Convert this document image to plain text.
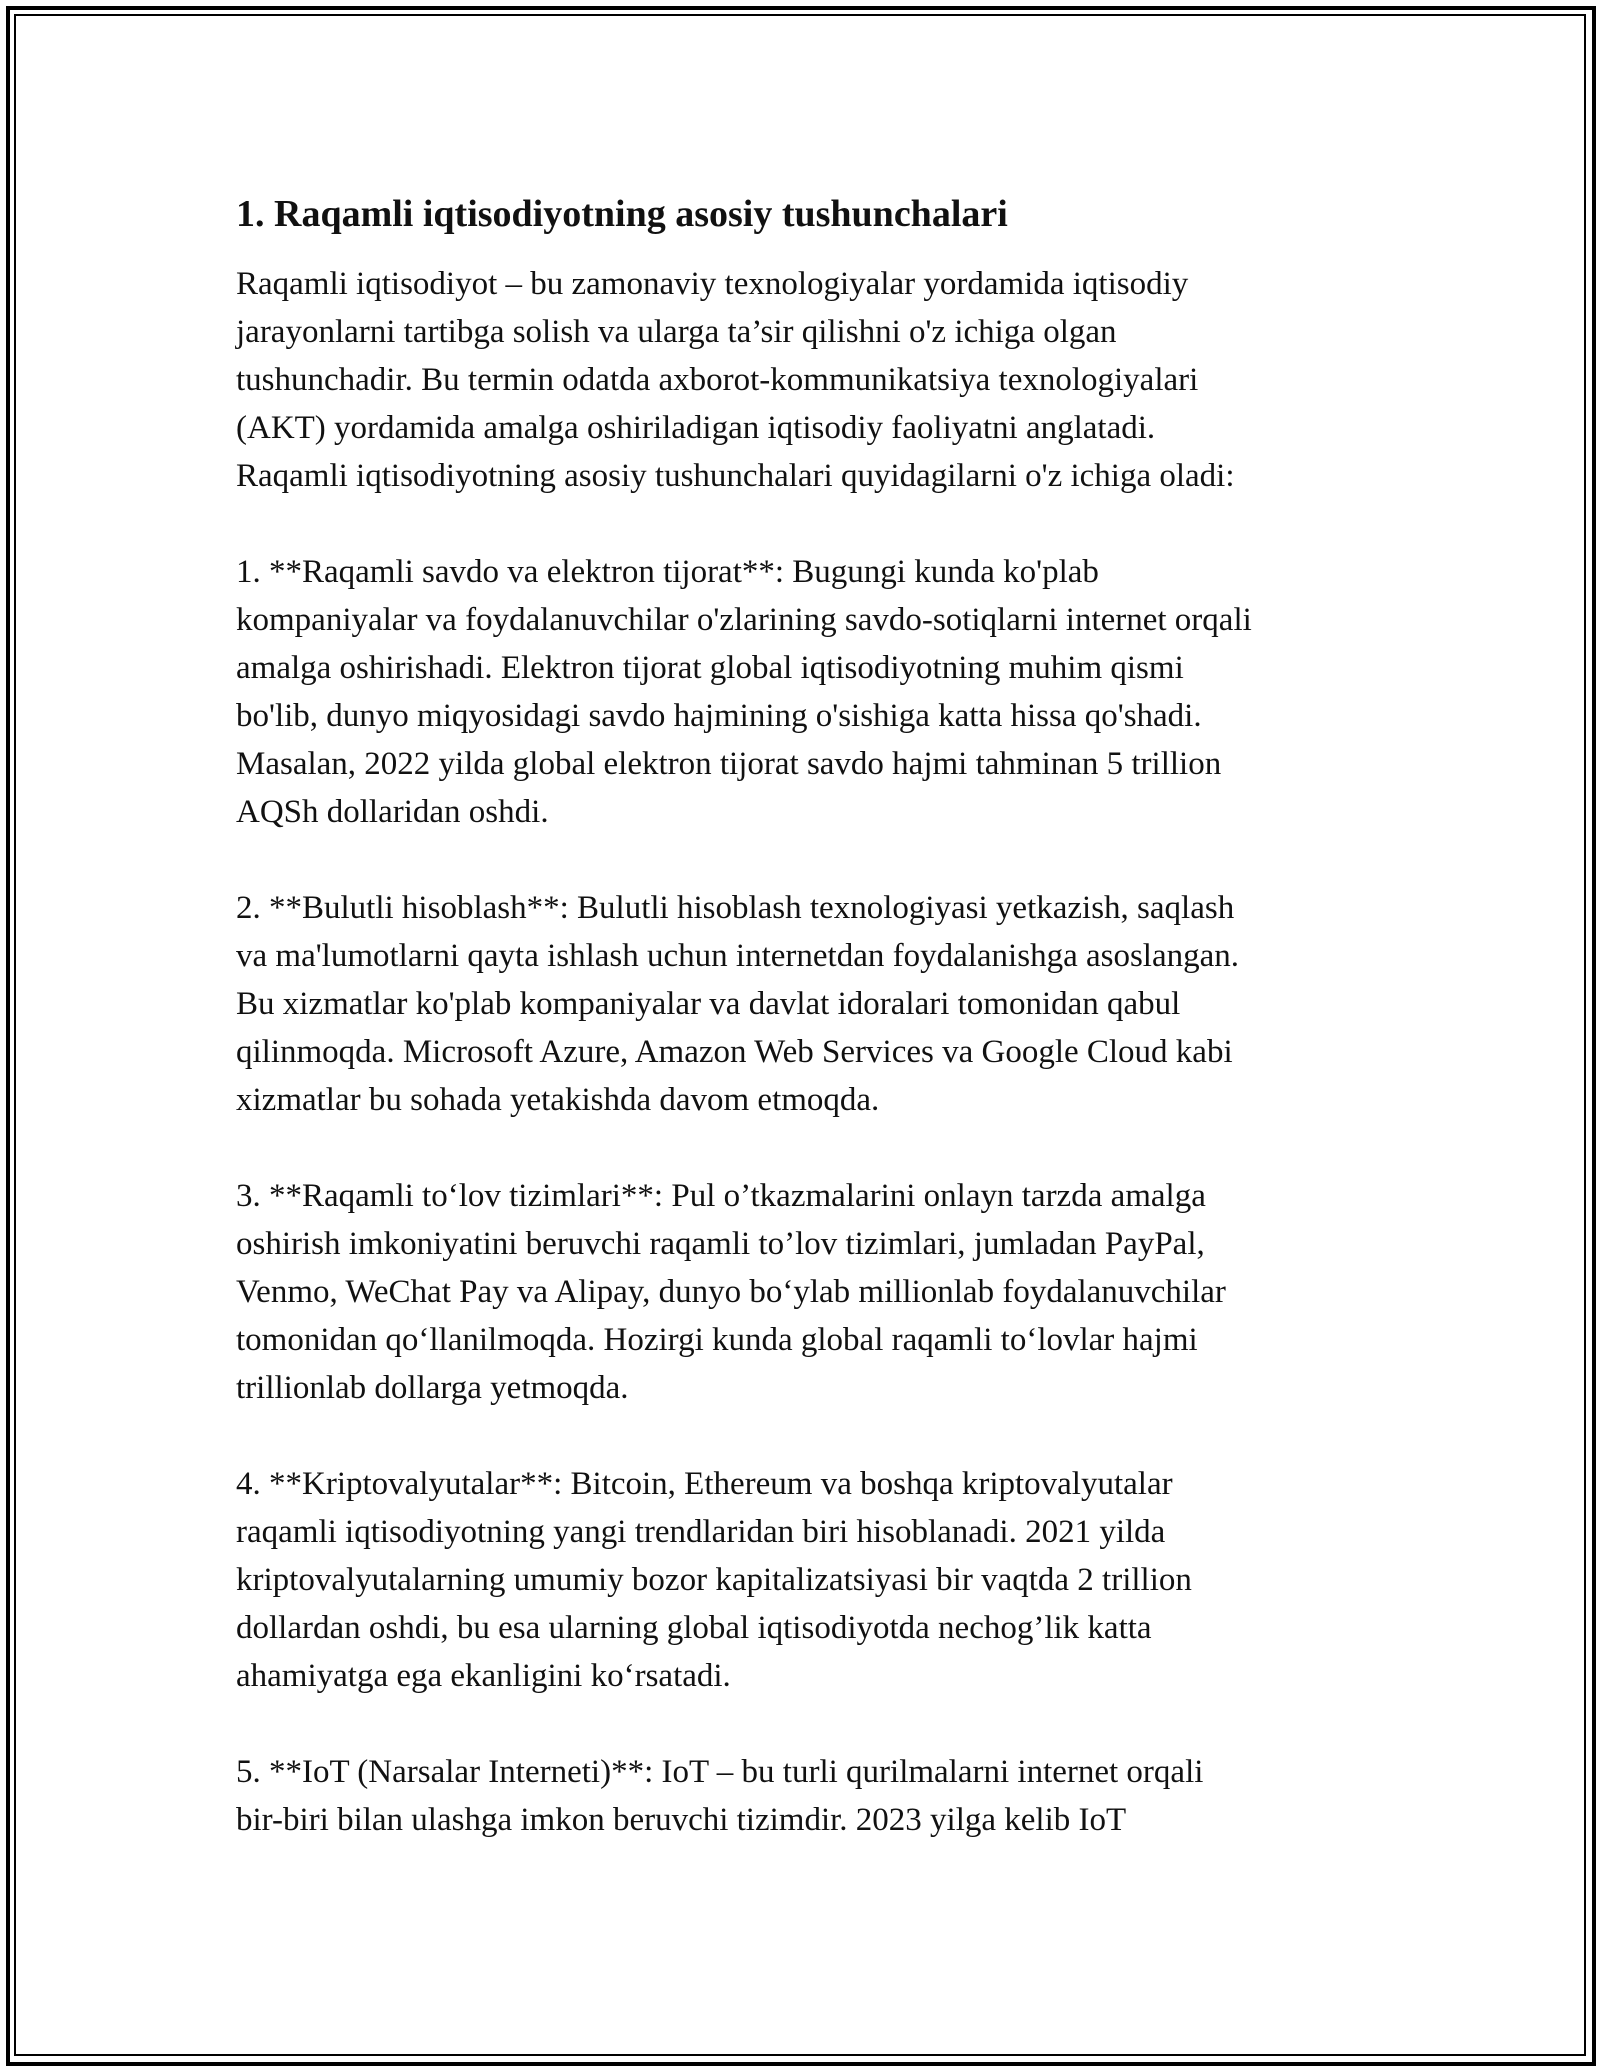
1. Raqamli iqtisodiyotning asosiy tushunchalari

Raqamli iqtisodiyot – bu zamonaviy texnologiyalar yordamida iqtisodiy
jarayonlarni tartibga solish va ularga ta’sir qilishni o'z ichiga olgan
tushunchadir. Bu termin odatda axborot-kommunikatsiya texnologiyalari
(AKT) yordamida amalga oshiriladigan iqtisodiy faoliyatni anglatadi.
Raqamli iqtisodiyotning asosiy tushunchalari quyidagilarni o'z ichiga oladi:

1. **Raqamli savdo va elektron tijorat**: Bugungi kunda ko'plab
kompaniyalar va foydalanuvchilar o'zlarining savdo-sotiqlarni internet orqali
amalga oshirishadi. Elektron tijorat global iqtisodiyotning muhim qismi
bo'lib, dunyo miqyosidagi savdo hajmining o'sishiga katta hissa qo'shadi.
Masalan, 2022 yilda global elektron tijorat savdo hajmi tahminan 5 trillion
AQSh dollaridan oshdi.

2. **Bulutli hisoblash**: Bulutli hisoblash texnologiyasi yetkazish, saqlash
va ma'lumotlarni qayta ishlash uchun internetdan foydalanishga asoslangan.
Bu xizmatlar ko'plab kompaniyalar va davlat idoralari tomonidan qabul
qilinmoqda. Microsoft Azure, Amazon Web Services va Google Cloud kabi
xizmatlar bu sohada yetakishda davom etmoqda.

3. **Raqamli to‘lov tizimlari**: Pul o’tkazmalarini onlayn tarzda amalga
oshirish imkoniyatini beruvchi raqamli to’lov tizimlari, jumladan PayPal,
Venmo, WeChat Pay va Alipay, dunyo bo‘ylab millionlab foydalanuvchilar
tomonidan qo‘llanilmoqda. Hozirgi kunda global raqamli to‘lovlar hajmi
trillionlab dollarga yetmoqda.

4. **Kriptovalyutalar**: Bitcoin, Ethereum va boshqa kriptovalyutalar
raqamli iqtisodiyotning yangi trendlaridan biri hisoblanadi. 2021 yilda
kriptovalyutalarning umumiy bozor kapitalizatsiyasi bir vaqtda 2 trillion
dollardan oshdi, bu esa ularning global iqtisodiyotda nechog’lik katta
ahamiyatga ega ekanligini ko‘rsatadi.

5. **IoT (Narsalar Interneti)**: IoT – bu turli qurilmalarni internet orqali
bir-biri bilan ulashga imkon beruvchi tizimdir. 2023 yilga kelib IoT
